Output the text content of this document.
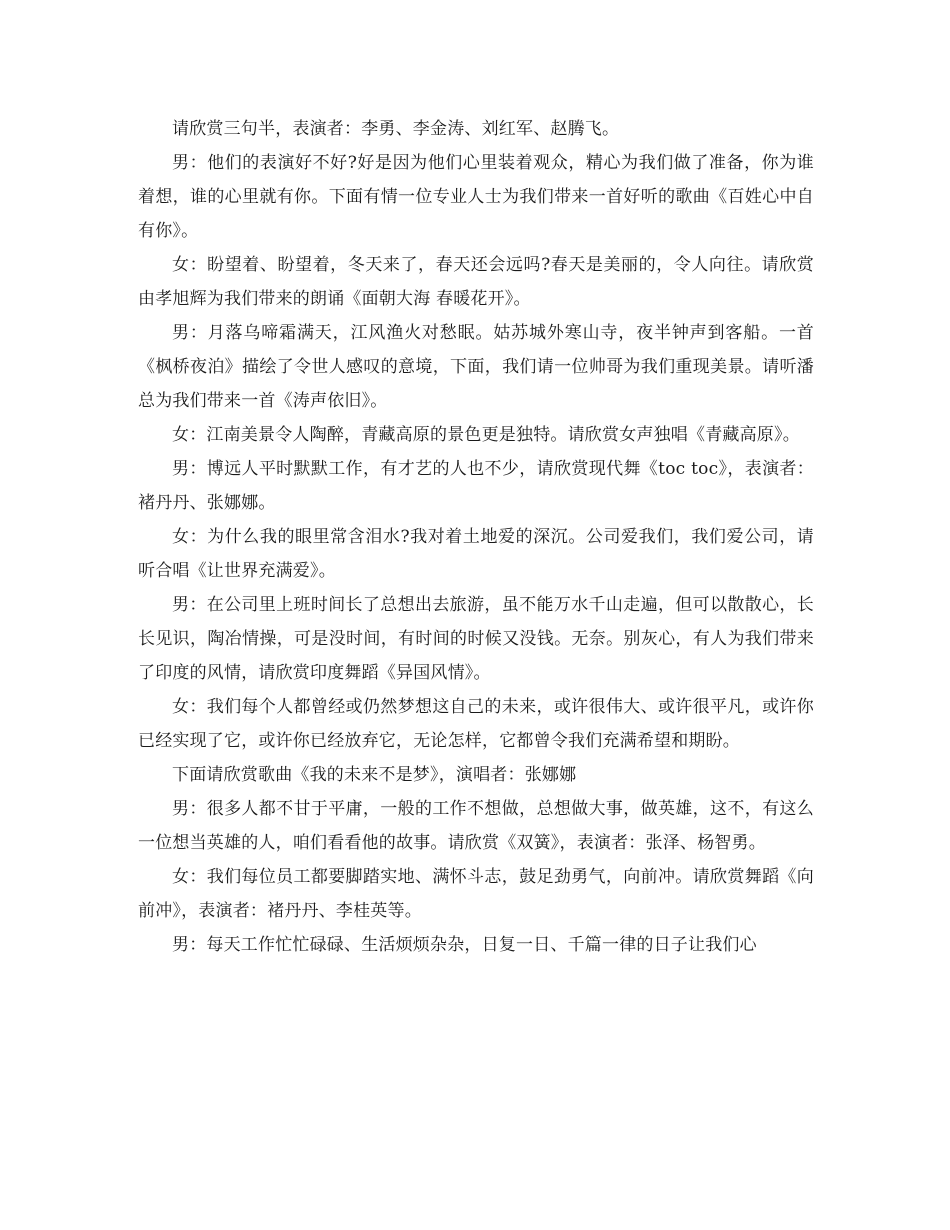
请欣赏三句半，表演者：李勇、李金涛、刘红军、赵腾飞。

男：他们的表演好不好?好是因为他们心里装着观众，精心为我们做了准备，你为谁着想，谁的心里就有你。下面有情一位专业人士为我们带来一首好听的歌曲《百姓心中自有你》。

女：盼望着、盼望着，冬天来了，春天还会远吗?春天是美丽的，令人向往。请欣赏由孝旭辉为我们带来的朗诵《面朝大海 春暖花开》。

男：月落乌啼霜满天，江风渔火对愁眠。姑苏城外寒山寺，夜半钟声到客船。一首《枫桥夜泊》描绘了令世人感叹的意境，下面，我们请一位帅哥为我们重现美景。请听潘总为我们带来一首《涛声依旧》。

女：江南美景令人陶醉，青藏高原的景色更是独特。请欣赏女声独唱《青藏高原》。

男：博远人平时默默工作，有才艺的人也不少，请欣赏现代舞《toc toc》，表演者：褚丹丹、张娜娜。

女：为什么我的眼里常含泪水?我对着土地爱的深沉。公司爱我们，我们爱公司，请听合唱《让世界充满爱》。

男：在公司里上班时间长了总想出去旅游，虽不能万水千山走遍，但可以散散心，长长见识，陶冶情操，可是没时间，有时间的时候又没钱。无奈。别灰心，有人为我们带来了印度的风情，请欣赏印度舞蹈《异国风情》。

女：我们每个人都曾经或仍然梦想这自己的未来，或许很伟大、或许很平凡，或许你已经实现了它，或许你已经放弃它，无论怎样，它都曾令我们充满希望和期盼。

下面请欣赏歌曲《我的未来不是梦》，演唱者：张娜娜

男：很多人都不甘于平庸，一般的工作不想做，总想做大事，做英雄，这不，有这么一位想当英雄的人，咱们看看他的故事。请欣赏《双簧》，表演者：张泽、杨智勇。

女：我们每位员工都要脚踏实地、满怀斗志，鼓足劲勇气，向前冲。请欣赏舞蹈《向前冲》，表演者：褚丹丹、李桂英等。

男：每天工作忙忙碌碌、生活烦烦杂杂，日复一日、千篇一律的日子让我们心
